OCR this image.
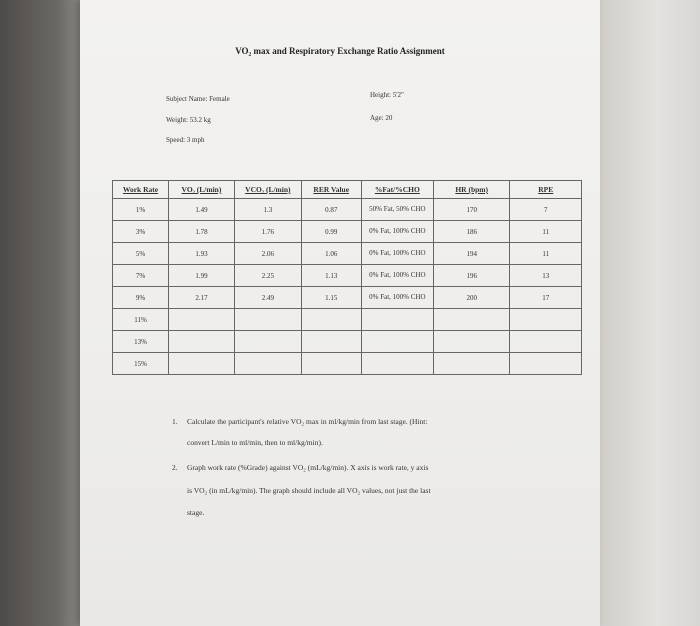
VO₂ max and Respiratory Exchange Ratio Assignment
Subject Name: Female
Weight: 53.2 kg
Speed: 3 mph
Height: 5'2"
Age: 20
Work Rate	VO₂ (L/min)	VCO₂ (L/min)	RER Value	%Fat/%CHO	HR (bpm)	RPE
1%	1.49	1.3	0.87	50% Fat, 50% CHO	170	7
3%	1.78	1.76	0.99	0% Fat, 100% CHO	186	11
5%	1.93	2.06	1.06	0% Fat, 100% CHO	194	11
7%	1.99	2.25	1.13	0% Fat, 100% CHO	196	13
9%	2.17	2.49	1.15	0% Fat, 100% CHO	200	17
11%						
13%						
15%						
1. Calculate the participant's relative VO₂ max in ml/kg/min from last stage. (Hint:
convert L/min to ml/min, then to ml/kg/min).
2. Graph work rate (%Grade) against VO₂ (mL/kg/min). X axis is work rate, y axis
is VO₂ (in mL/kg/min). The graph should include all VO₂ values, not just the last
stage.
